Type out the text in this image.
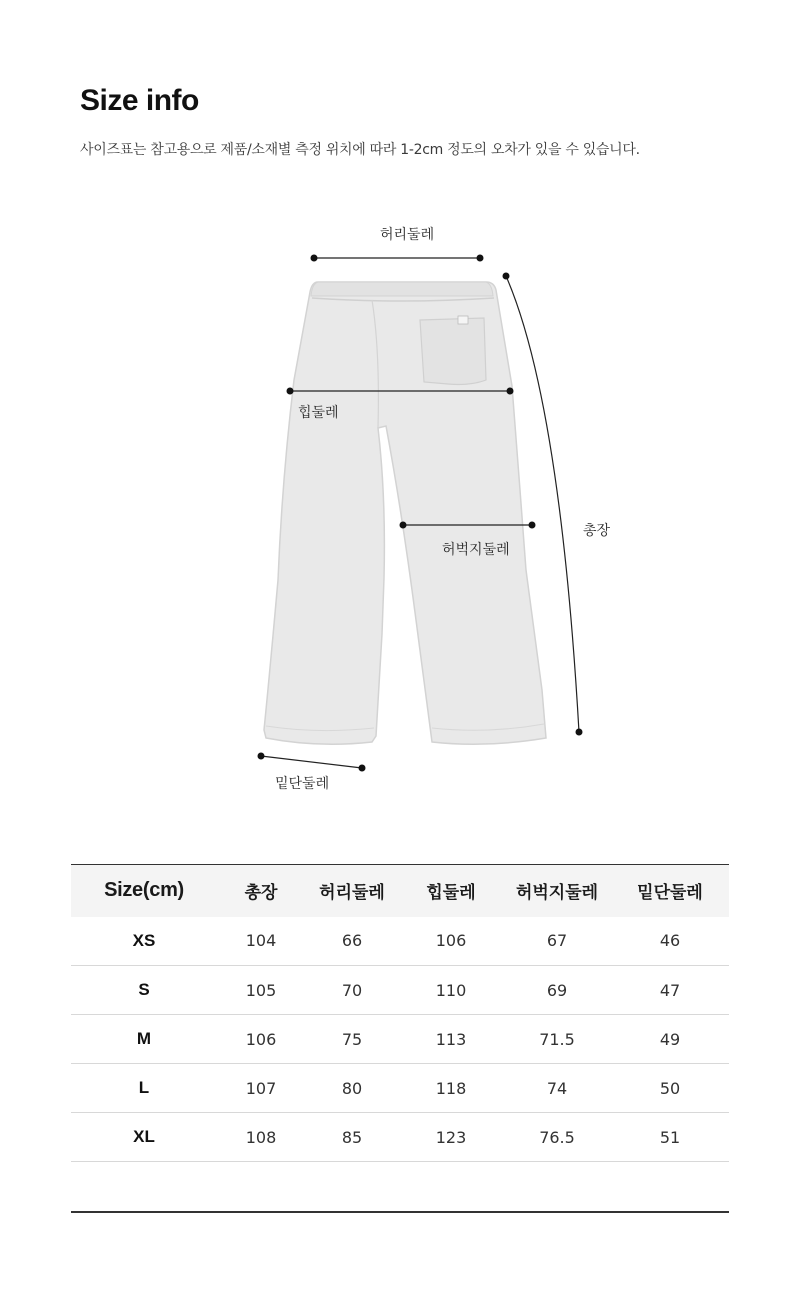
Size info
사이즈표는 참고용으로 제품/소재별 측정 위치에 따라 1-2cm 정도의 오차가 있을 수 있습니다.
허리둘레
힙둘레
허벅지둘레
총장
밑단둘레
Size(cm)	총장	허리둘레	힙둘레	허벅지둘레	밑단둘레
XS	104	66	106	67	46
S	105	70	110	69	47
M	106	75	113	71.5	49
L	107	80	118	74	50
XL	108	85	123	76.5	51
